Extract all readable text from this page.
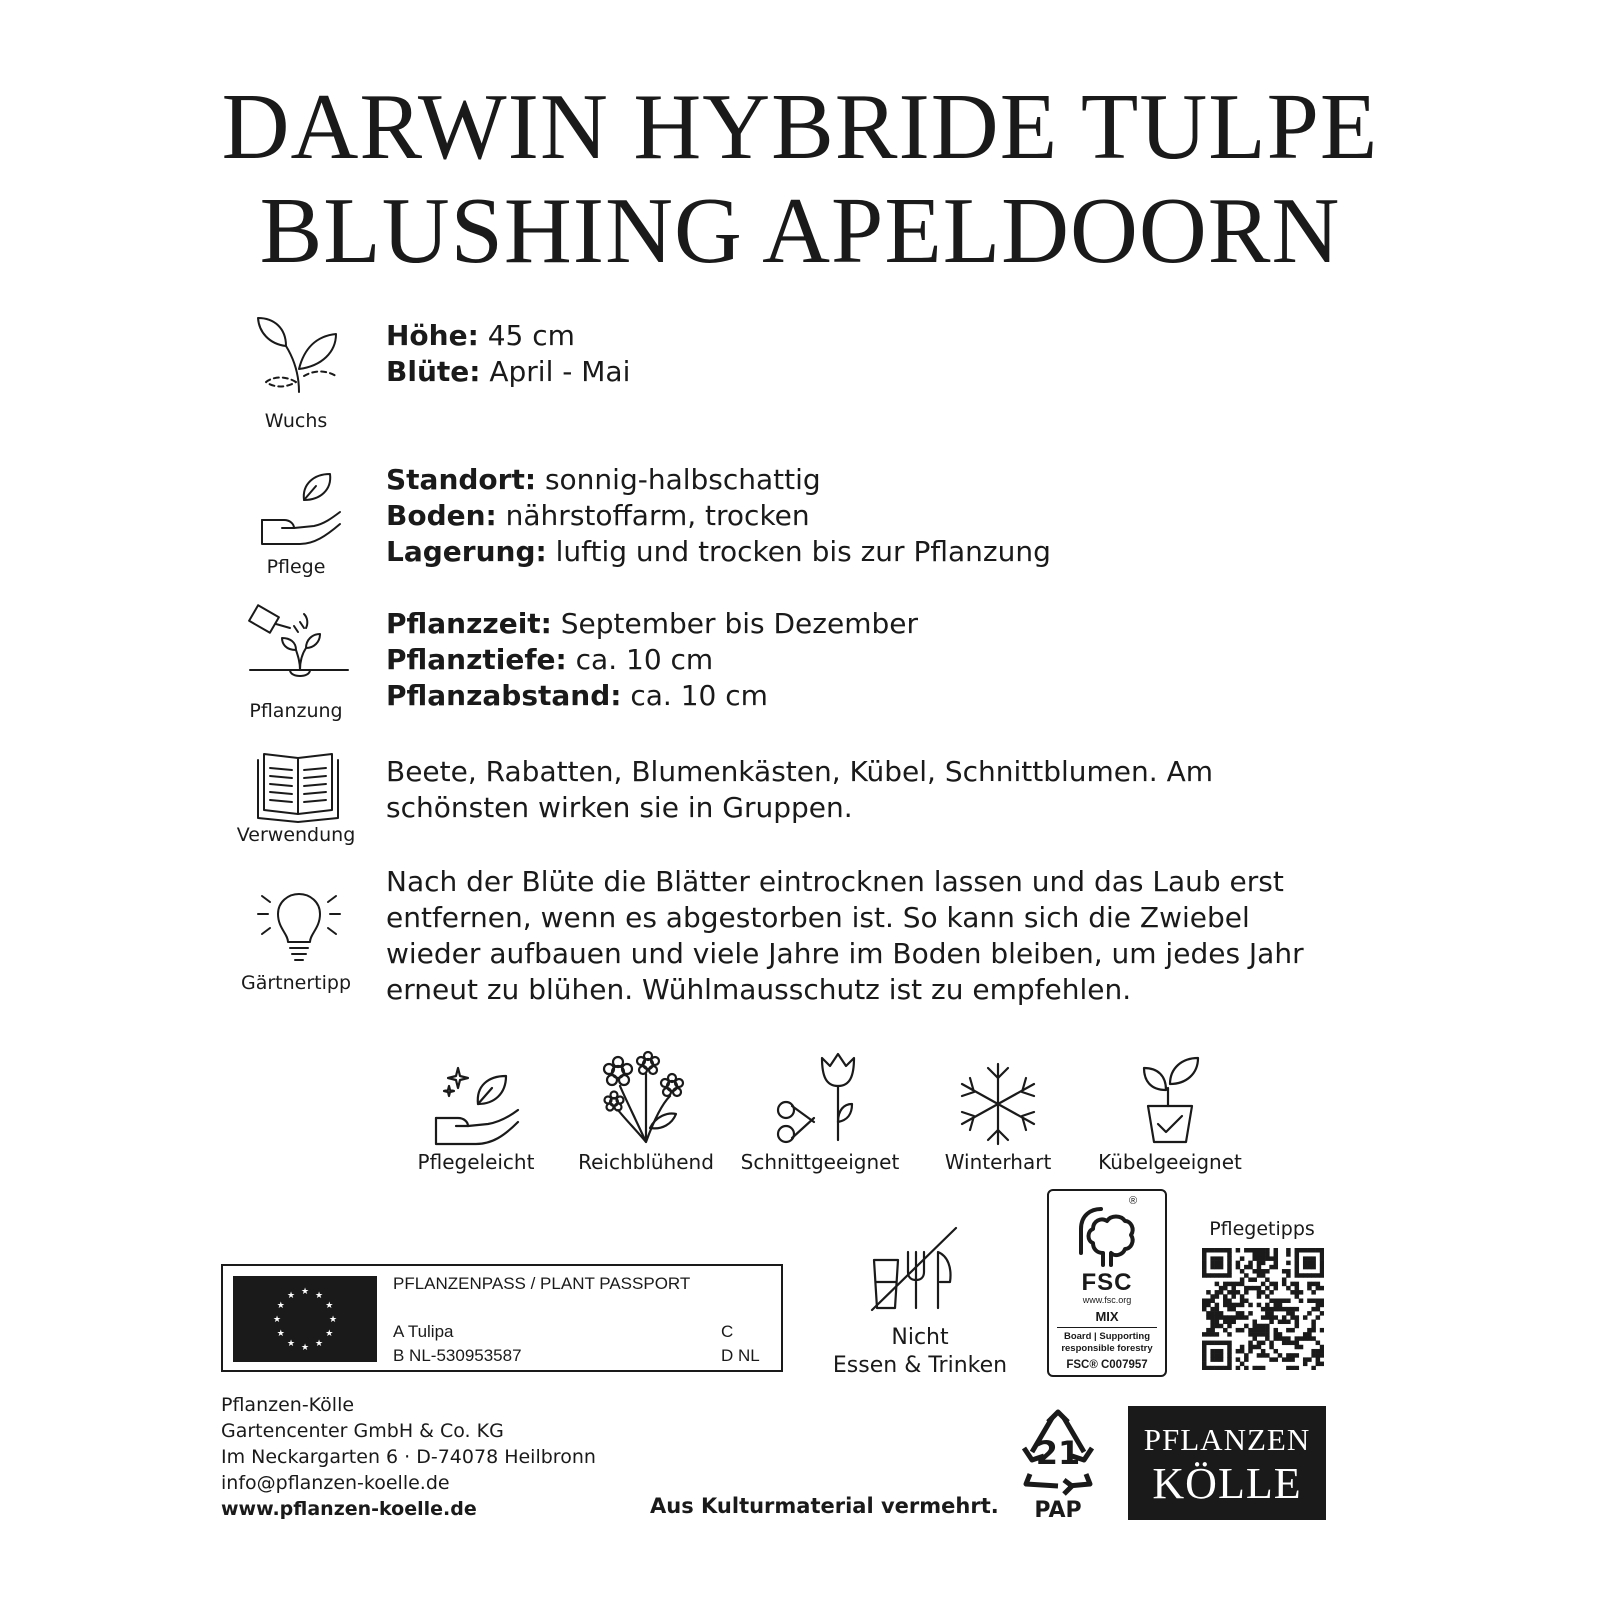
DARWIN HYBRIDE TULPE
BLUSHING APELDOORN
Wuchs
Höhe: 45 cm
Blüte: April - Mai
Pflege
Standort: sonnig-halbschattig
Boden: nährstoffarm, trocken
Lagerung: luftig und trocken bis zur Pflanzung
Pflanzung
Pflanzzeit: September bis Dezember
Pflanztiefe: ca. 10 cm
Pflanzabstand: ca. 10 cm
Verwendung
Beete, Rabatten, Blumenkästen, Kübel, Schnittblumen. Am
schönsten wirken sie in Gruppen.
Gärtnertipp
Nach der Blüte die Blätter eintrocknen lassen und das Laub erst
entfernen, wenn es abgestorben ist. So kann sich die Zwiebel
wieder aufbauen und viele Jahre im Boden bleiben, um jedes Jahr
erneut zu blühen. Wühlmausschutz ist zu empfehlen.
Pflegeleicht	Reichblühend	Schnittgeeignet	Winterhart	Kübelgeeignet
★ ★
★
★
★
★
★
★
★
★
★
★
PFLANZENPASS / PLANT PASSPORT
A Tulipa
B NL-530953587
C
D NL
Nicht
Essen & Trinken
®
FSC
www.fsc.org
MIX
Board | Supporting
responsible forestry
FSC® C007957
Pflegetipps
Pflanzen-Kölle
Gartencenter GmbH & Co. KG
Im Neckargarten 6 · D-74078 Heilbronn
info@pflanzen-koelle.de
www.pflanzen-koelle.de	Aus Kulturmaterial vermehrt.
21
PAP
PFLANZEN
KÖLLE
